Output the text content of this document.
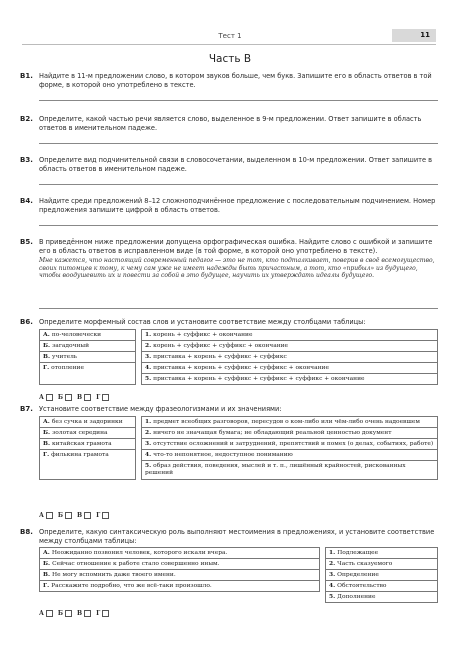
Тест 1	11
Часть B
B1. Найдите в 11-м предложении слово, в котором звуков больше, чем букв. Запишите его в область ответов в той форме, в которой оно употреблено в тексте.
B2. Определите, какой частью речи является слово, выделенное в 9-м предложении. Ответ запишите в область ответов в именительном падеже.
B3. Определите вид подчинительной связи в словосочетании, выделенном в 10-м предложении. Ответ запишите в область ответов в именительном падеже.
B4. Найдите среди предложений 8–12 сложноподчинённое предложение с последовательным подчинением. Номер предложения запишите цифрой в область ответов.
B5. В приведённом ниже предложении допущена орфографическая ошибка. Найдите слово с ошибкой и запишите его в область ответов в исправленном виде (в той форме, в которой оно употреблено в тексте).
Мне кажется, что настоящий современный педагог — это не тот, кто подталкивает, поверив в своё всемогущество, своих питомцев к тому, к чему сам уже не имеет надежды быть причастным, а тот, кто «прибыл» из будущего, чтобы воодушевить их и повести за собой в это будущее, научить их утверждать идеалы будущего.
B6. Определите морфемный состав слов и установите соответствие между столбцами таблицы:
А. по-человечески		1. корень + суффикс + окончание
Б. загадочный		2. корень + суффикс + суффикс + окончание
В. учитель		3. приставка + корень + суффикс + суффикс
Г. отопление		4. приставка + корень + суффикс + суффикс + окончание
		5. приставка + корень + суффикс + суффикс + суффикс + окончание
А Б В Г
B7. Установите соответствие между фразеологизмами и их значениями:
А. без сучка и задоринки		1. предмет всеобщих разговоров, пересудов о ком-либо или чём-либо очень надоевшем
Б. золотая середина		2. ничего не значащая бумага; не обладающий реальной ценностью документ
В. китайская грамота		3. отсутствие осложнений и затруднений, препятствий и помех (о делах, событиях, работе)
Г. филькина грамота		4. что-то непонятное, недоступное пониманию
		5. образ действия, поведения, мыслей и т. п., лишённый крайностей, рискованных решений
А Б В Г
B8. Определите, какую синтаксическую роль выполняют местоимения в предложениях, и установите соответствие между столбцами таблицы:
А. Неожиданно позвонил человек, которого искали вчера.		1. Подлежащее
Б. Сейчас отношение к работе стало совершенно иным.		2. Часть сказуемого
В. Не могу вспомнить даже твоего имени.		3. Определение
Г. Расскажите подробно, что же всё-таки произошло.		4. Обстоятельство
		5. Дополнение
А Б В Г
